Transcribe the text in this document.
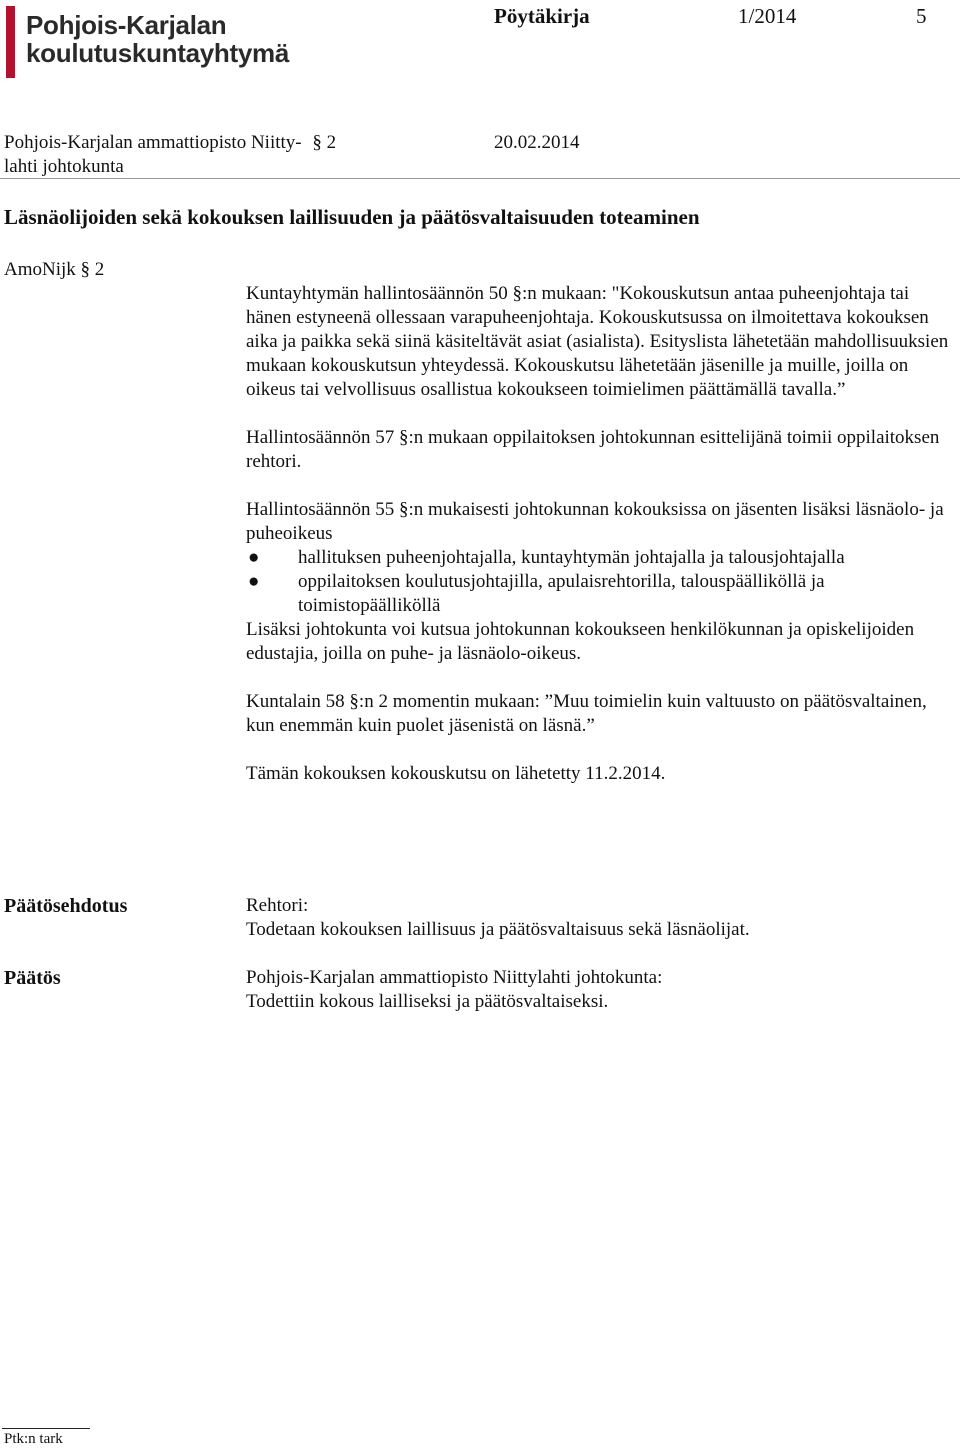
Pohjois-Karjalan
koulutuskuntayhtymä
Pöytäkirja	1/2014	5
Pohjois-Karjalan ammattiopisto Niitty- § 2
lahti johtokunta
20.02.2014
Läsnäolijoiden sekä kokouksen laillisuuden ja päätösvaltaisuuden toteaminen
AmoNijk § 2

Kuntayhtymän hallintosäännön 50 §:n mukaan: "Kokouskutsun antaa puheenjohtaja tai hänen estyneenä ollessaan varapuheenjohtaja. Kokouskutsussa on ilmoitettava kokouksen aika ja paikka sekä siinä käsiteltävät asiat (asialista). Esityslista lähetetään mahdollisuuksien mukaan kokouskutsun yhteydessä. Kokouskutsu lähetetään jäsenille ja muille, joilla on oikeus tai velvollisuus osallistua kokoukseen toimielimen päättämällä tavalla.”

Hallintosäännön 57 §:n mukaan oppilaitoksen johtokunnan esittelijänä toimii oppilaitoksen rehtori.

Hallintosäännön 55 §:n mukaisesti johtokunnan kokouksissa on jäsenten lisäksi läsnäolo- ja puheoikeus

● hallituksen puheenjohtajalla, kuntayhtymän johtajalla ja talousjohtajalla
● oppilaitoksen koulutusjohtajilla, apulaisrehtorilla, talouspäälliköllä ja toimistopäälliköllä

Lisäksi johtokunta voi kutsua johtokunnan kokoukseen henkilökunnan ja opiskelijoiden edustajia, joilla on puhe- ja läsnäolo-oikeus.

Kuntalain 58 §:n 2 momentin mukaan: ”Muu toimielin kuin valtuusto on päätösvaltainen, kun enemmän kuin puolet jäsenistä on läsnä.”

Tämän kokouksen kokouskutsu on lähetetty 11.2.2014.

Päätösehdotus	Rehtori:
Todetaan kokouksen laillisuus ja päätösvaltaisuus sekä läsnäolijat.
Päätös	Pohjois-Karjalan ammattiopisto Niittylahti johtokunta:
Todettiin kokous lailliseksi ja päätösvaltaiseksi.
Ptk:n tark
